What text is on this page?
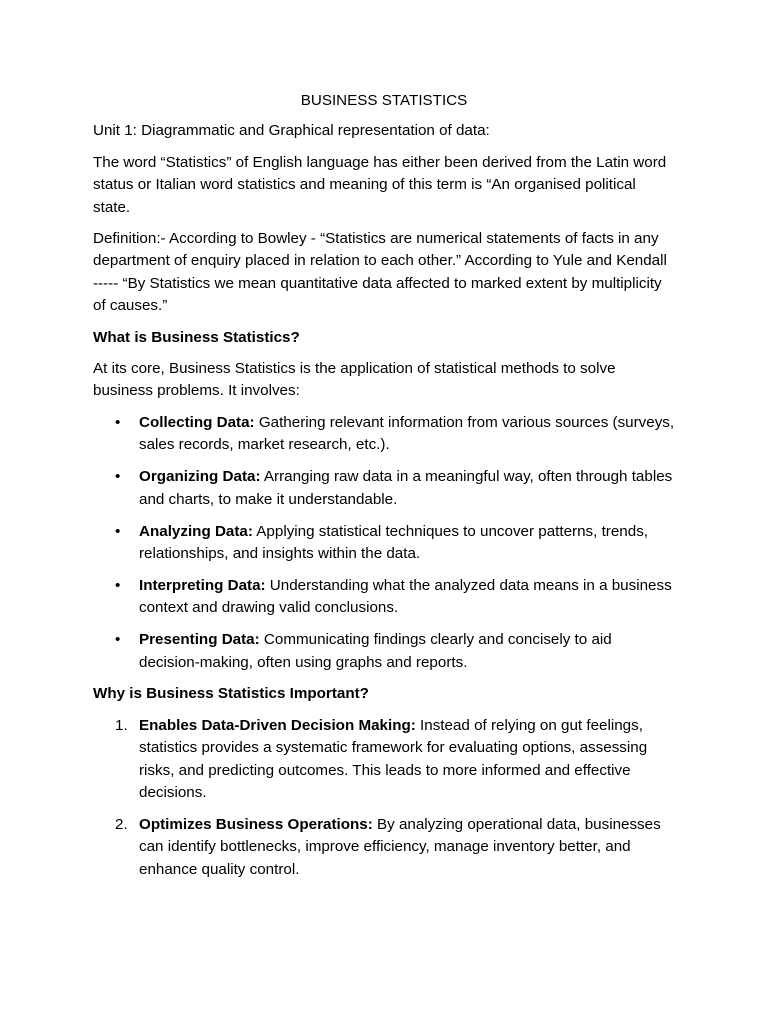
BUSINESS STATISTICS

Unit 1: Diagrammatic and Graphical representation of data:

The word “Statistics” of English language has either been derived from the Latin word status or Italian word statistics and meaning of this term is “An organised political state.

Definition:- According to Bowley - “Statistics are numerical statements of facts in any department of enquiry placed in relation to each other.” According to Yule and Kendall ----- “By Statistics we mean quantitative data affected to marked extent by multiplicity of causes.”

What is Business Statistics?

At its core, Business Statistics is the application of statistical methods to solve business problems. It involves:

• Collecting Data: Gathering relevant information from various sources (surveys, sales records, market research, etc.).
• Organizing Data: Arranging raw data in a meaningful way, often through tables and charts, to make it understandable.
• Analyzing Data: Applying statistical techniques to uncover patterns, trends, relationships, and insights within the data.
• Interpreting Data: Understanding what the analyzed data means in a business context and drawing valid conclusions.
• Presenting Data: Communicating findings clearly and concisely to aid decision-making, often using graphs and reports.
Why is Business Statistics Important?
1. Enables Data-Driven Decision Making: Instead of relying on gut feelings, statistics provides a systematic framework for evaluating options, assessing risks, and predicting outcomes. This leads to more informed and effective decisions.
2. Optimizes Business Operations: By analyzing operational data, businesses can identify bottlenecks, improve efficiency, manage inventory better, and enhance quality control.
